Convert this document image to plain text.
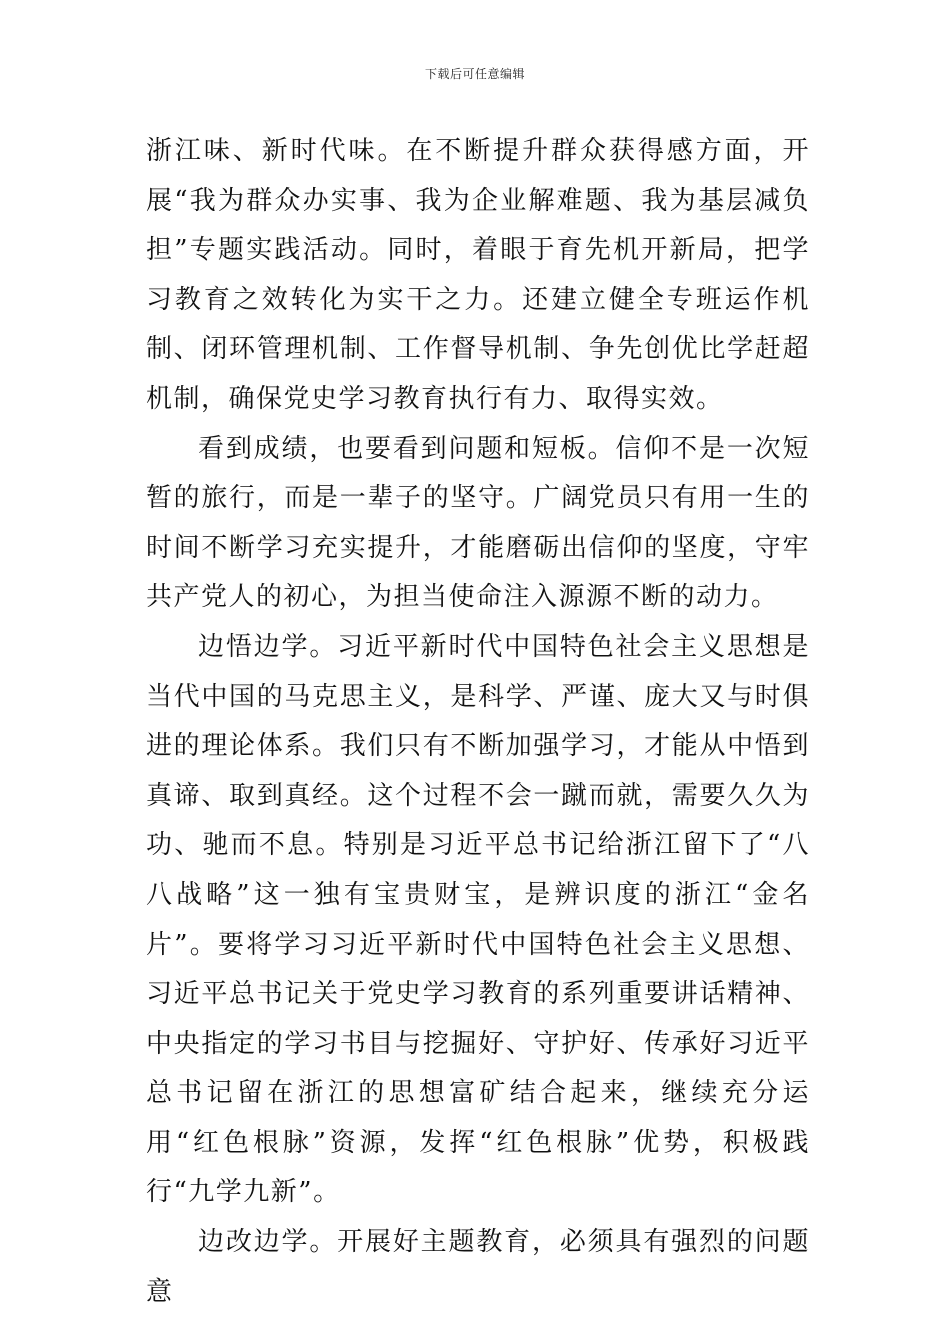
下载后可任意编辑

浙江味、新时代味。在不断提升群众获得感方面，开展“我为群众办实事、我为企业解难题、我为基层减负担”专题实践活动。同时，着眼于育先机开新局，把学习教育之效转化为实干之力。还建立健全专班运作机制、闭环管理机制、工作督导机制、争先创优比学赶超机制，确保党史学习教育执行有力、取得实效。

看到成绩，也要看到问题和短板。信仰不是一次短暂的旅行，而是一辈子的坚守。广阔党员只有用一生的时间不断学习充实提升，才能磨砺出信仰的坚度，守牢共产党人的初心，为担当使命注入源源不断的动力。

边悟边学。习近平新时代中国特色社会主义思想是当代中国的马克思主义，是科学、严谨、庞大又与时俱进的理论体系。我们只有不断加强学习，才能从中悟到真谛、取到真经。这个过程不会一蹴而就，需要久久为功、驰而不息。特别是习近平总书记给浙江留下了“八八战略”这一独有宝贵财宝，是辨识度的浙江“金名片”。要将学习习近平新时代中国特色社会主义思想、习近平总书记关于党史学习教育的系列重要讲话精神、中央指定的学习书目与挖掘好、守护好、传承好习近平总书记留在浙江的思想富矿结合起来，继续充分运用“红色根脉”资源，发挥“红色根脉”优势，积极践行“九学九新”。

边改边学。开展好主题教育，必须具有强烈的问题意
